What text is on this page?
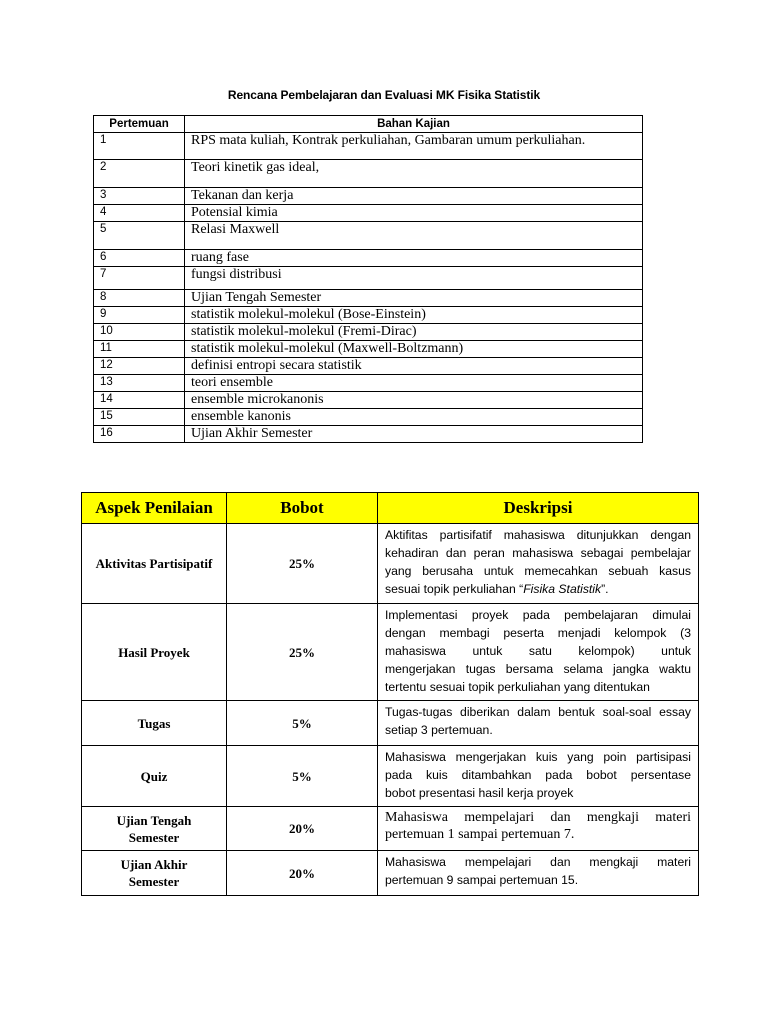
Rencana Pembelajaran dan Evaluasi MK Fisika Statistik
Pertemuan	Bahan Kajian
1	RPS mata kuliah, Kontrak perkuliahan, Gambaran umum perkuliahan.
2	Teori kinetik gas ideal,
3	Tekanan dan kerja
4	Potensial kimia
5	Relasi Maxwell
6	ruang fase
7	fungsi distribusi
8	Ujian Tengah Semester
9	statistik molekul-molekul (Bose-Einstein)
10	statistik molekul-molekul (Fremi-Dirac)
11	statistik molekul-molekul (Maxwell-Boltzmann)
12	definisi entropi secara statistik
13	teori ensemble
14	ensemble microkanonis
15	ensemble kanonis
16	Ujian Akhir Semester
Aspek Penilaian	Bobot	Deskripsi
Aktivitas Partisipatif	25%	Aktifitas partisifatif mahasiswa ditunjukkan dengan
kehadiran dan peran mahasiswa sebagai pembelajar
yang berusaha untuk memecahkan sebuah kasus
sesuai topik perkuliahan “Fisika Statistik”.

Hasil Proyek	25%	Implementasi proyek pada pembelajaran dimulai
dengan membagi peserta menjadi kelompok (3
mahasiswa untuk satu kelompok) untuk
mengerjakan tugas bersama selama jangka waktu
tertentu sesuai topik perkuliahan yang ditentukan

Tugas	5%	Tugas-tugas diberikan dalam bentuk soal-soal essay
setiap 3 pertemuan.

Quiz	5%	Mahasiswa mengerjakan kuis yang poin partisipasi
pada kuis ditambahkan pada bobot persentase
bobot presentasi hasil kerja proyek

Ujian Tengah
Semester	20%	Mahasiswa mempelajari dan mengkaji materi
pertemuan 1 sampai pertemuan 7.

Ujian Akhir
Semester	20%	Mahasiswa mempelajari dan mengkaji materi
pertemuan 9 sampai pertemuan 15.
